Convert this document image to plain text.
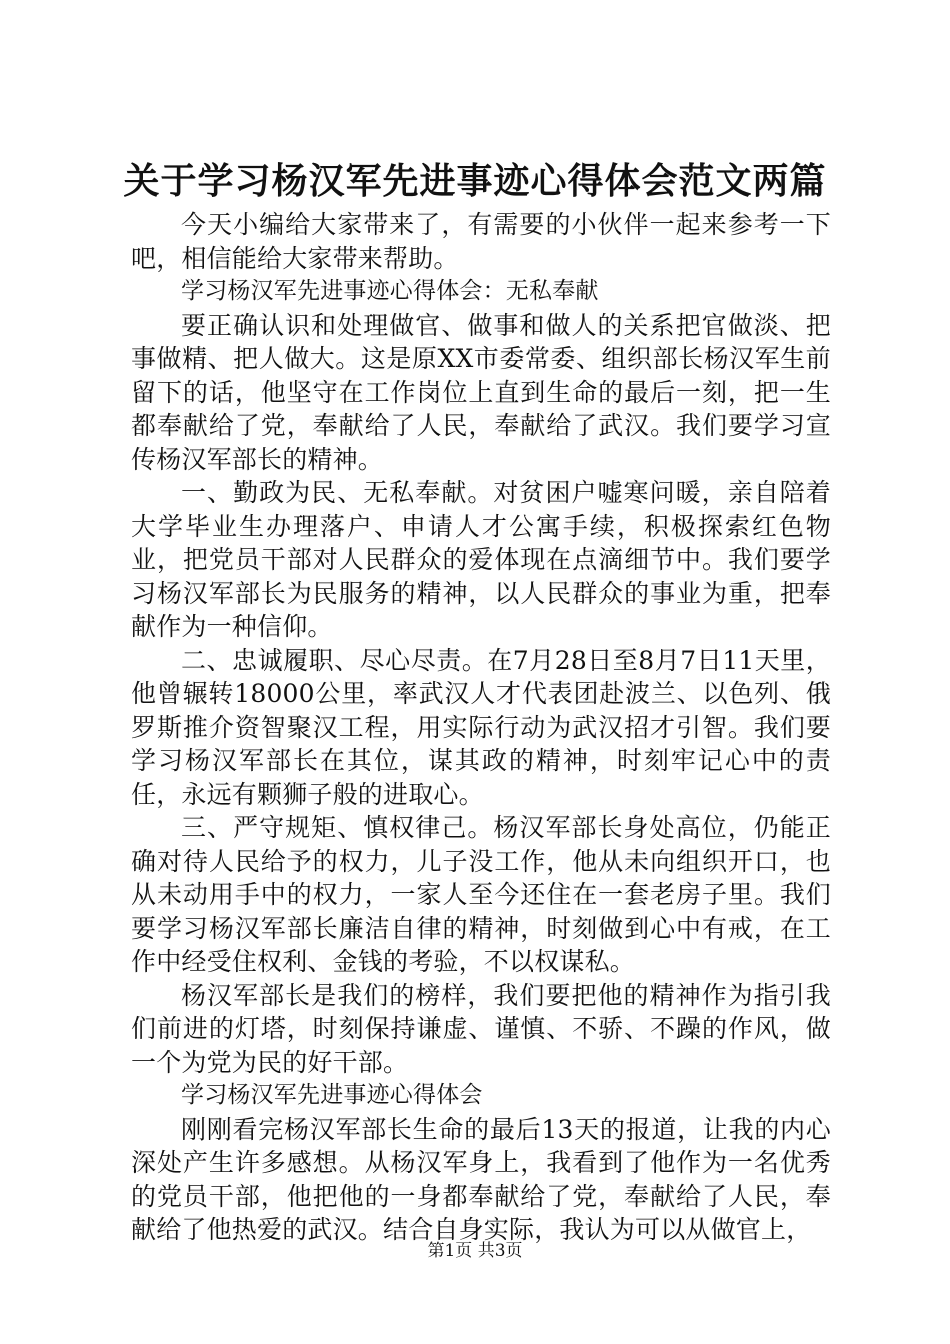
关于学习杨汉军先进事迹心得体会范文两篇

今天小编给大家带来了，有需要的小伙伴一起来参考一下吧，相信能给大家带来帮助。

学习杨汉军先进事迹心得体会：无私奉献

要正确认识和处理做官、做事和做人的关系把官做淡、把事做精、把人做大。这是原XX市委常委、组织部长杨汉军生前留下的话，他坚守在工作岗位上直到生命的最后一刻，把一生都奉献给了党，奉献给了人民，奉献给了武汉。我们要学习宣传杨汉军部长的精神。

一、勤政为民、无私奉献。对贫困户嘘寒问暖，亲自陪着大学毕业生办理落户、申请人才公寓手续，积极探索红色物业，把党员干部对人民群众的爱体现在点滴细节中。我们要学习杨汉军部长为民服务的精神，以人民群众的事业为重，把奉献作为一种信仰。

二、忠诚履职、尽心尽责。在7月28日至8月7日11天里，他曾辗转18000公里，率武汉人才代表团赴波兰、以色列、俄罗斯推介资智聚汉工程，用实际行动为武汉招才引智。我们要学习杨汉军部长在其位，谋其政的精神，时刻牢记心中的责任，永远有颗狮子般的进取心。

三、严守规矩、慎权律己。杨汉军部长身处高位，仍能正确对待人民给予的权力，儿子没工作，他从未向组织开口，也从未动用手中的权力，一家人至今还住在一套老房子里。我们要学习杨汉军部长廉洁自律的精神，时刻做到心中有戒，在工作中经受住权利、金钱的考验，不以权谋私。

杨汉军部长是我们的榜样，我们要把他的精神作为指引我们前进的灯塔，时刻保持谦虚、谨慎、不骄、不躁的作风，做一个为党为民的好干部。

学习杨汉军先进事迹心得体会

刚刚看完杨汉军部长生命的最后13天的报道，让我的内心深处产生许多感想。从杨汉军身上，我看到了他作为一名优秀的党员干部，他把他的一身都奉献给了党，奉献给了人民，奉献给了他热爱的武汉。结合自身实际，我认为可以从做官上，

第1页 共3页
